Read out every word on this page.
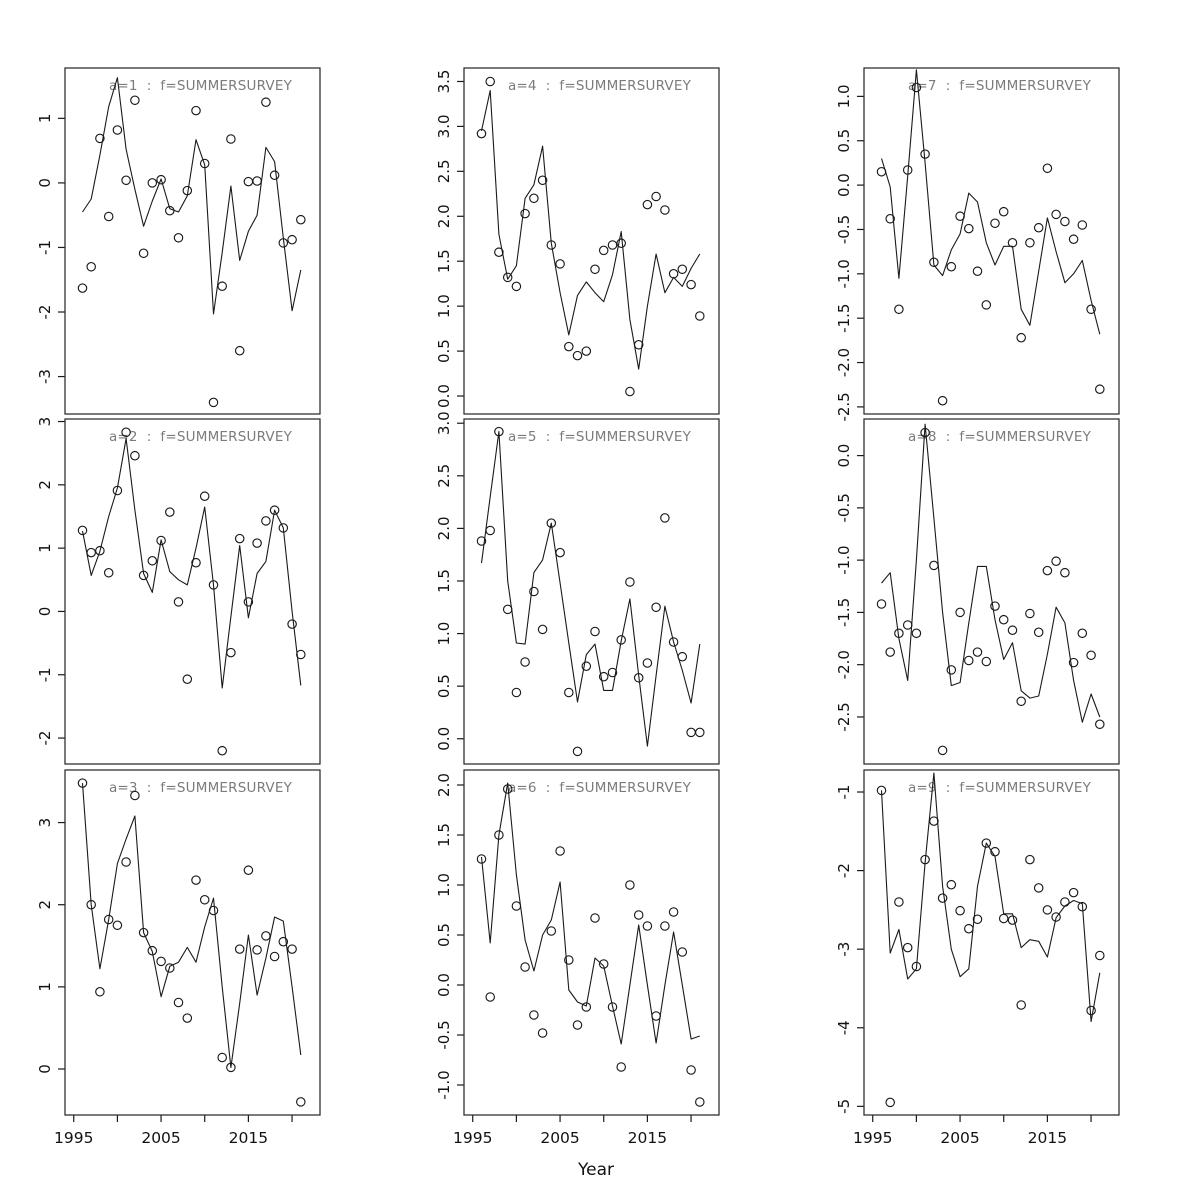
a=1  :  f=SUMMERSURVEY
a=2  :  f=SUMMERSURVEY
a=3  :  f=SUMMERSURVEY
a=4  :  f=SUMMERSURVEY
a=5  :  f=SUMMERSURVEY
a=6  :  f=SUMMERSURVEY
a=7  :  f=SUMMERSURVEY
a=8  :  f=SUMMERSURVEY
a=9  :  f=SUMMERSURVEY
Year
1
0
-1
-2
-3
3
2
1
0
-1
-2
3
2
1
0
1995	2005	2015
3.5
3.0
2.5
2.0
1.5
1.0
0.5
0.0
3.0
2.5
2.0
1.5
1.0
0.5
0.0
2.0
1.5
1.0
0.5
0.0
-0.5
-1.0
1995	2005	2015
1.0
0.5
0.0
-0.5
-1.0
-1.5
-2.0
-2.5
0.0
-0.5
-1.0
-1.5
-2.0
-2.5
-1
-2
-3
-4
-5
1995	2005	2015
